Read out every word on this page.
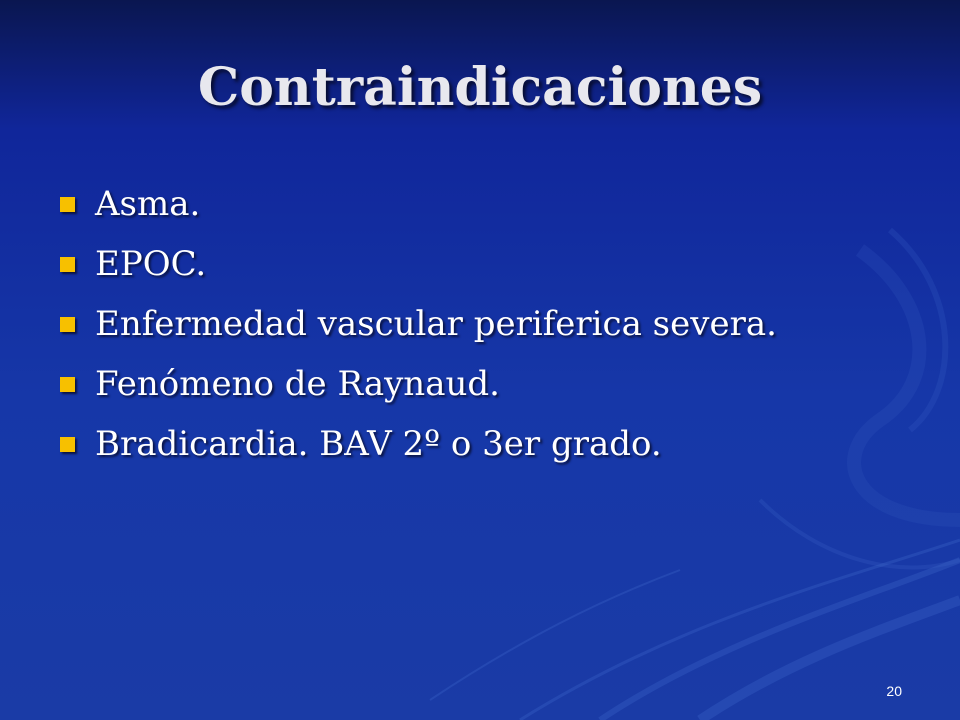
Contraindicaciones
Asma.
EPOC.
Enfermedad vascular periferica severa.
Fenómeno de Raynaud.
Bradicardia. BAV 2º o 3er grado.
20
